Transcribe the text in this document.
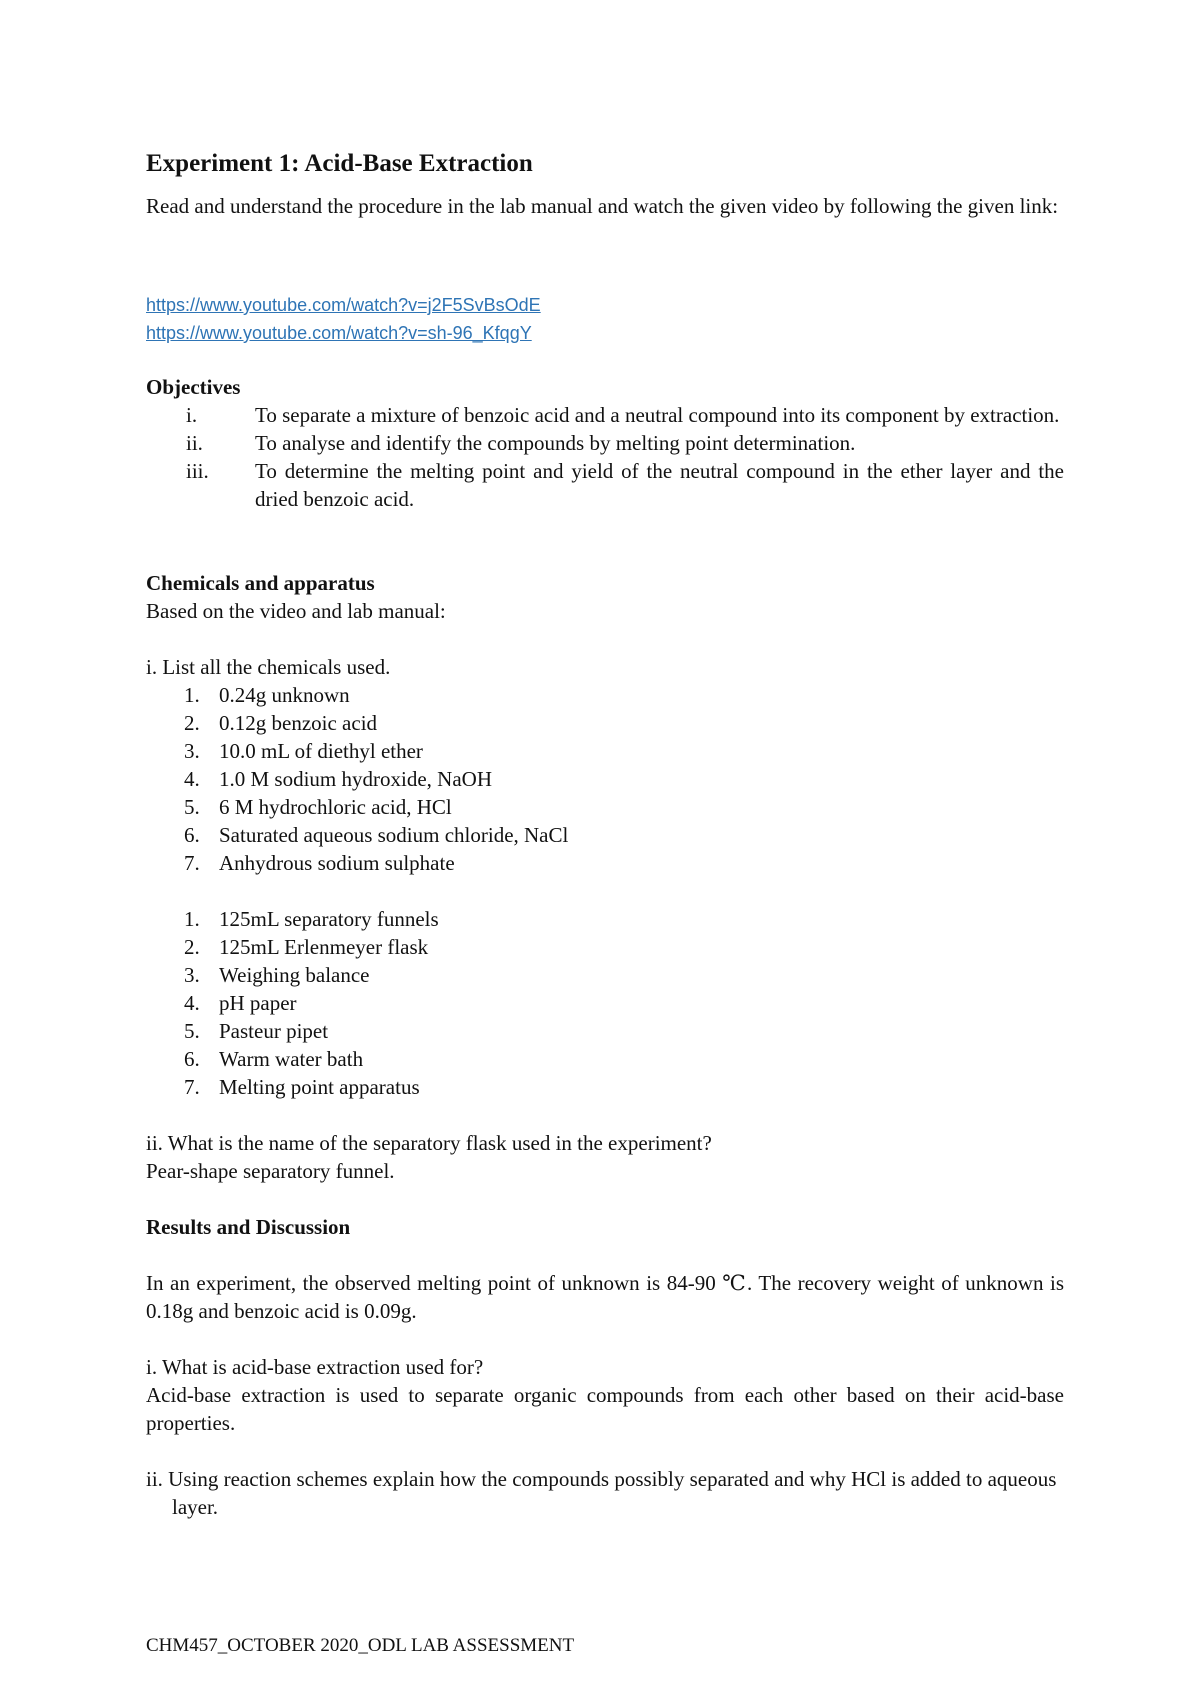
Experiment 1: Acid-Base Extraction
Read and understand the procedure in the lab manual and watch the given video by following the given link:
https://www.youtube.com/watch?v=j2F5SvBsOdE
https://www.youtube.com/watch?v=sh-96_KfqgY
Objectives
i.	To separate a mixture of benzoic acid and a neutral compound into its component by extraction.
ii.	To analyse and identify the compounds by melting point determination.
iii.	To determine the melting point and yield of the neutral compound in the ether layer and the dried benzoic acid.
Chemicals and apparatus
Based on the video and lab manual:
i. List all the chemicals used.
1. 0.24g unknown
2. 0.12g benzoic acid
3. 10.0 mL of diethyl ether
4. 1.0 M sodium hydroxide, NaOH
5. 6 M hydrochloric acid, HCl
6. Saturated aqueous sodium chloride, NaCl
7. Anhydrous sodium sulphate
1. 125mL separatory funnels
2. 125mL Erlenmeyer flask
3. Weighing balance
4. pH paper
5. Pasteur pipet
6. Warm water bath
7. Melting point apparatus
ii. What is the name of the separatory flask used in the experiment?
Pear-shape separatory funnel.
Results and Discussion
In an experiment, the observed melting point of unknown is 84-90 ℃. The recovery weight of unknown is 0.18g and benzoic acid is 0.09g.
i. What is acid-base extraction used for?
Acid-base extraction is used to separate organic compounds from each other based on their acid-base properties.
ii. Using reaction schemes explain how the compounds possibly separated and why HCl is added to aqueous layer.
CHM457_OCTOBER 2020_ODL LAB ASSESSMENT
